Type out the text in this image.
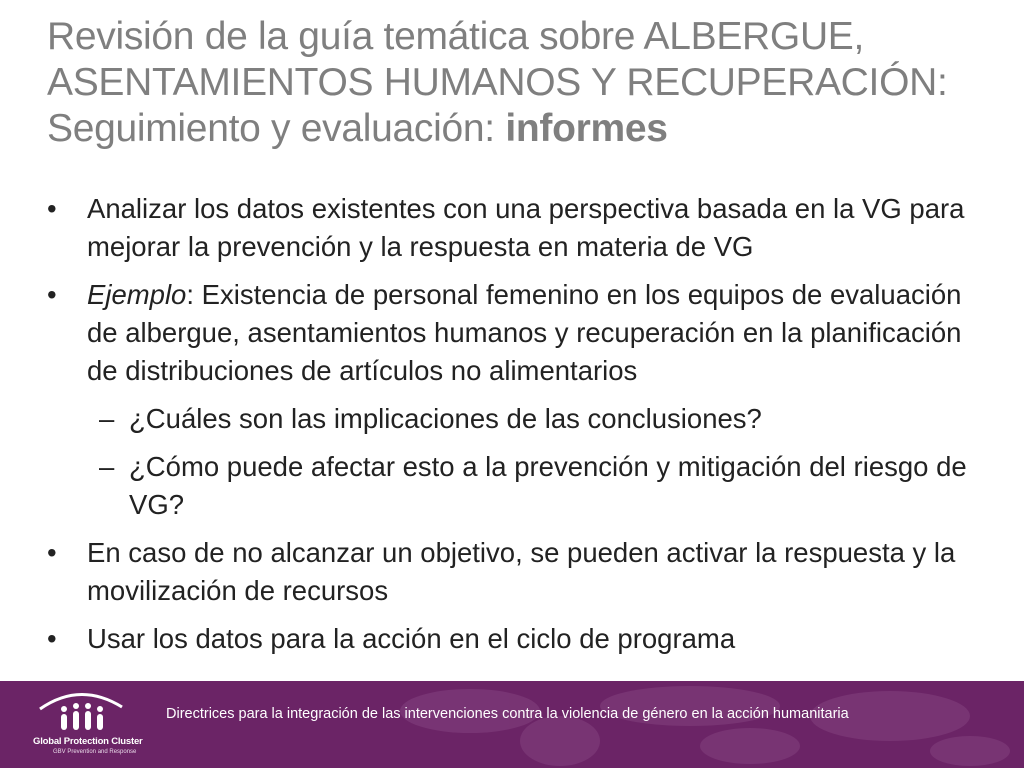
Revisión de la guía temática sobre ALBERGUE,
ASENTAMIENTOS HUMANOS Y RECUPERACIÓN:
Seguimiento y evaluación: informes
•	Analizar los datos existentes con una perspectiva basada en la VG para mejorar la prevención y la respuesta en materia de VG
•	Ejemplo: Existencia de personal femenino en los equipos de evaluación de albergue, asentamientos humanos y recuperación en la planificación de distribuciones de artículos no alimentarios
– ¿Cuáles son las implicaciones de las conclusiones?
– ¿Cómo puede afectar esto a la prevención y mitigación del riesgo de VG?
•	En caso de no alcanzar un objetivo, se pueden activar la respuesta y la movilización de recursos
•	Usar los datos para la acción en el ciclo de programa
Global Protection Cluster
GBV Prevention and Response
Directrices para la integración de las intervenciones contra la violencia de género en la acción humanitaria
